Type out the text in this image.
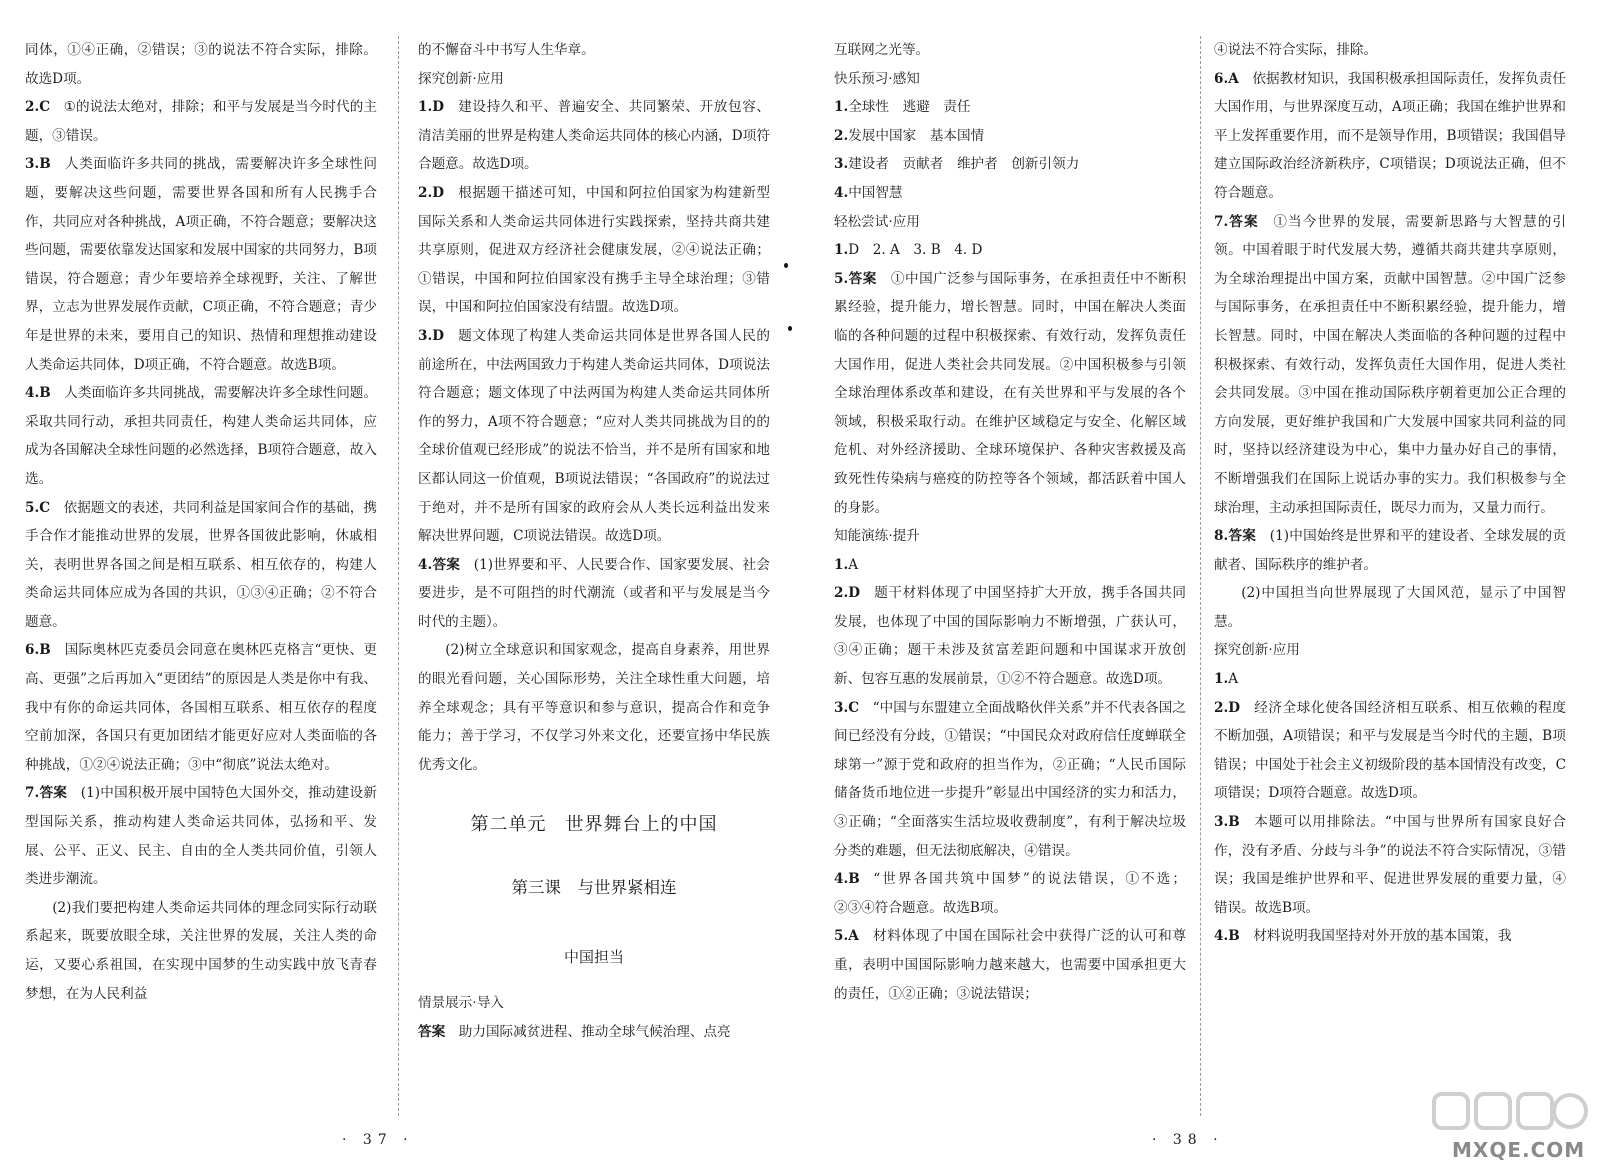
同体，①④正确，②错误；③的说法不符合实际，排除。故选D项。

2.C  ①的说法太绝对，排除；和平与发展是当今时代的主题，③错误。

3.B  人类面临许多共同的挑战，需要解决许多全球性问题，要解决这些问题，需要世界各国和所有人民携手合作，共同应对各种挑战，A项正确，不符合题意；要解决这些问题，需要依靠发达国家和发展中国家的共同努力，B项错误，符合题意；青少年要培养全球视野，关注、了解世界，立志为世界发展作贡献，C项正确，不符合题意；青少年是世界的未来，要用自己的知识、热情和理想推动建设人类命运共同体，D项正确，不符合题意。故选B项。

4.B  人类面临许多共同挑战，需要解决许多全球性问题。采取共同行动，承担共同责任，构建人类命运共同体，应成为各国解决全球性问题的必然选择，B项符合题意，故入选。

5.C  依据题文的表述，共同利益是国家间合作的基础，携手合作才能推动世界的发展，世界各国彼此影响，休戚相关，表明世界各国之间是相互联系、相互依存的，构建人类命运共同体应成为各国的共识，①③④正确；②不符合题意。

6.B  国际奥林匹克委员会同意在奥林匹克格言“更快、更高、更强”之后再加入“更团结”的原因是人类是你中有我、我中有你的命运共同体，各国相互联系、相互依存的程度空前加深，各国只有更加团结才能更好应对人类面临的各种挑战，①②④说法正确；③中“彻底”说法太绝对。

7.答案  (1)中国积极开展中国特色大国外交，推动建设新型国际关系，推动构建人类命运共同体，弘扬和平、发展、公平、正义、民主、自由的全人类共同价值，引领人类进步潮流。

(2)我们要把构建人类命运共同体的理念同实际行动联系起来，既要放眼全球，关注世界的发展，关注人类的命运，又要心系祖国，在实现中国梦的生动实践中放飞青春梦想，在为人民利益

的不懈奋斗中书写人生华章。

探究创新·应用

1.D  建设持久和平、普遍安全、共同繁荣、开放包容、清洁美丽的世界是构建人类命运共同体的核心内涵，D项符合题意。故选D项。

2.D  根据题干描述可知，中国和阿拉伯国家为构建新型国际关系和人类命运共同体进行实践探索，坚持共商共建共享原则，促进双方经济社会健康发展，②④说法正确；①错误，中国和阿拉伯国家没有携手主导全球治理；③错误，中国和阿拉伯国家没有结盟。故选D项。

3.D  题文体现了构建人类命运共同体是世界各国人民的前途所在，中法两国致力于构建人类命运共同体，D项说法符合题意；题文体现了中法两国为构建人类命运共同体所作的努力，A项不符合题意；“应对人类共同挑战为目的的全球价值观已经形成”的说法不恰当，并不是所有国家和地区都认同这一价值观，B项说法错误；“各国政府”的说法过于绝对，并不是所有国家的政府会从人类长远利益出发来解决世界问题，C项说法错误。故选D项。

4.答案  (1)世界要和平、人民要合作、国家要发展、社会要进步，是不可阻挡的时代潮流（或者和平与发展是当今时代的主题）。

(2)树立全球意识和国家观念，提高自身素养，用世界的眼光看问题，关心国际形势，关注全球性重大问题，培养全球观念；具有平等意识和参与意识，提高合作和竞争能力；善于学习，不仅学习外来文化，还要宣扬中华民族优秀文化。

第二单元　世界舞台上的中国
第三课　与世界紧相连
中国担当

情景展示·导入

答案  助力国际减贫进程、推动全球气候治理、点亮

· 37 ·

互联网之光等。

快乐预习·感知

1.全球性　逃避　责任

2.发展中国家　基本国情

3.建设者　贡献者　维护者　创新引领力

4.中国智慧

轻松尝试·应用

1.D　2. A　3. B　4. D

5.答案  ①中国广泛参与国际事务，在承担责任中不断积累经验，提升能力，增长智慧。同时，中国在解决人类面临的各种问题的过程中积极探索、有效行动，发挥负责任大国作用，促进人类社会共同发展。②中国积极参与引领全球治理体系改革和建设，在有关世界和平与发展的各个领域，积极采取行动。在维护区域稳定与安全、化解区域危机、对外经济援助、全球环境保护、各种灾害救援及高致死性传染病与癌疫的防控等各个领域，都活跃着中国人的身影。

知能演练·提升

1.A

2.D  题干材料体现了中国坚持扩大开放，携手各国共同发展，也体现了中国的国际影响力不断增强，广获认可，③④正确；题干未涉及贫富差距问题和中国谋求开放创新、包容互惠的发展前景，①②不符合题意。故选D项。

3.C  “中国与东盟建立全面战略伙伴关系”并不代表各国之间已经没有分歧，①错误；“中国民众对政府信任度蝉联全球第一”源于党和政府的担当作为，②正确；“人民币国际储备货币地位进一步提升”彰显出中国经济的实力和活力，③正确；“全面落实生活垃圾收费制度”，有利于解决垃圾分类的难题，但无法彻底解决，④错误。

4.B  “世界各国共筑中国梦”的说法错误，①不选；②③④符合题意。故选B项。

5.A  材料体现了中国在国际社会中获得广泛的认可和尊重，表明中国国际影响力越来越大，也需要中国承担更大的责任，①②正确；③说法错误；

④说法不符合实际，排除。

6.A  依据教材知识，我国积极承担国际责任，发挥负责任大国作用，与世界深度互动，A项正确；我国在维护世界和平上发挥重要作用，而不是领导作用，B项错误；我国倡导建立国际政治经济新秩序，C项错误；D项说法正确，但不符合题意。

7.答案  ①当今世界的发展，需要新思路与大智慧的引领。中国着眼于时代发展大势，遵循共商共建共享原则，为全球治理提出中国方案，贡献中国智慧。②中国广泛参与国际事务，在承担责任中不断积累经验，提升能力，增长智慧。同时，中国在解决人类面临的各种问题的过程中积极探索、有效行动，发挥负责任大国作用，促进人类社会共同发展。③中国在推动国际秩序朝着更加公正合理的方向发展，更好维护我国和广大发展中国家共同利益的同时，坚持以经济建设为中心，集中力量办好自己的事情，不断增强我们在国际上说话办事的实力。我们积极参与全球治理，主动承担国际责任，既尽力而为，又量力而行。

8.答案  (1)中国始终是世界和平的建设者、全球发展的贡献者、国际秩序的维护者。

(2)中国担当向世界展现了大国风范，显示了中国智慧。

探究创新·应用

1.A

2.D  经济全球化使各国经济相互联系、相互依赖的程度不断加强，A项错误；和平与发展是当今时代的主题，B项错误；中国处于社会主义初级阶段的基本国情没有改变，C项错误；D项符合题意。故选D项。

3.B  本题可以用排除法。“中国与世界所有国家良好合作，没有矛盾、分歧与斗争”的说法不符合实际情况，③错误；我国是维护世界和平、促进世界发展的重要力量，④错误。故选B项。

4.B  材料说明我国坚持对外开放的基本国策，我

· 38 ·	MXQE.COM
